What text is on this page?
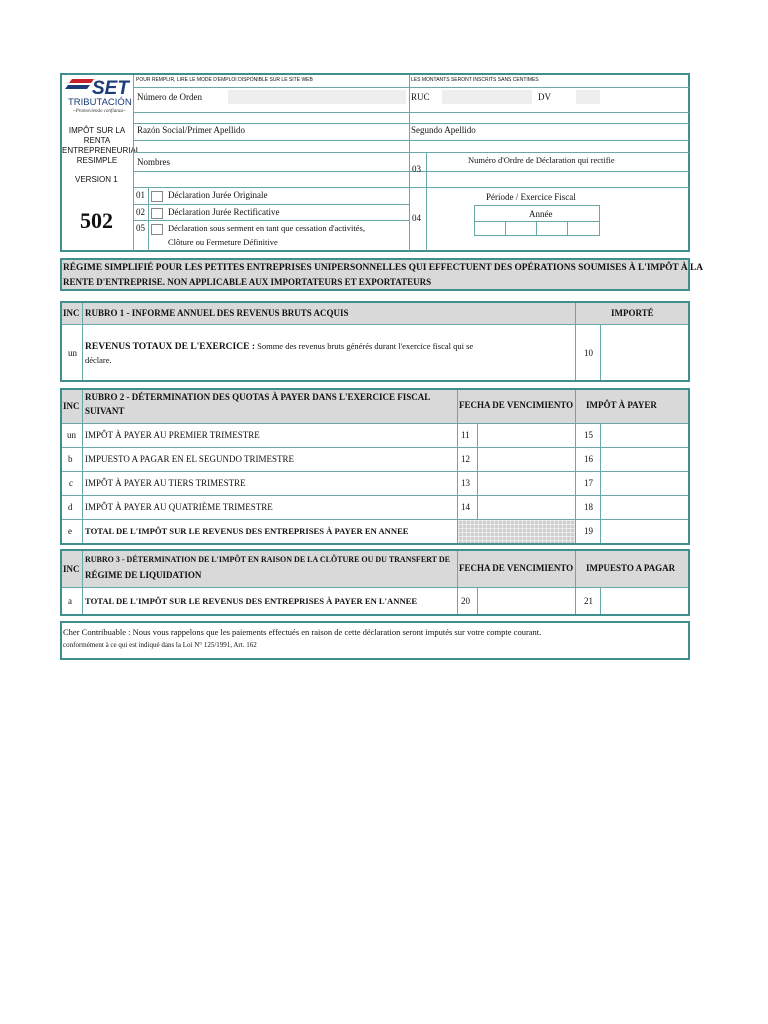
SET
TRIBUTACIÓN
~Promoviendo confianza~
IMPÔT SUR LA RENTA ENTREPRENEURIAL RESIMPLE
VERSION 1
502
POUR REMPLIR, LIRE LE MODE D'EMPLOI DISPONIBLE SUR LE SITE WEB	LES MONTANTS SERONT INSCRITS SANS CENTIMES
Número de Orden	RUC	DV
Razón Social/Primer Apellido	Segundo Apellido
Nombres
03
Numéro d'Ordre de Déclaration qui rectifie
01	Déclaration Jurée Originale
02	Déclaration Jurée Rectificative
05	Déclaration sous serment en tant que cessation d'activités,
Clôture ou Fermeture Définitive
04
Période / Exercice Fiscal
Année
RÉGIME SIMPLIFIÉ POUR LES PETITES ENTREPRISES UNIPERSONNELLES QUI EFFECTUENT DES OPÉRATIONS SOUMISES À L'IMPÔT À LA
RENTE D'ENTREPRISE. NON APPLICABLE AUX IMPORTATEURS ET EXPORTATEURS
INC RUBRO 1 - INFORME ANNUEL DES REVENUS BRUTS ACQUIS	IMPORTÉ
un
REVENUS TOTAUX DE L'EXERCICE : Somme des revenus bruts générés durant l'exercice fiscal qui se
déclare.
10
INC
RUBRO 2 - DÉTERMINATION DES QUOTAS À PAYER DANS L'EXERCICE FISCAL
SUIVANT
FECHA DE VENCIMIENTO IMPÔT À PAYER
un IMPÔT À PAYER AU PREMIER TRIMESTRE	11	15
b IMPUESTO A PAGAR EN EL SEGUNDO TRIMESTRE	12	16
c IMPÔT À PAYER AU TIERS TRIMESTRE	13	17
d IMPÔT À PAYER AU QUATRIÈME TRIMESTRE	14	18
e TOTAL DE L'IMPÔT SUR LE REVENUS DES ENTREPRISES À PAYER EN ANNEE	19
INC
RUBRO 3 - DÉTERMINATION DE L'IMPÔT EN RAISON DE LA CLÔTURE OU DU TRANSFERT DE
RÉGIME DE LIQUIDATION
FECHA DE VENCIMIENTO IMPUESTO A PAGAR
a TOTAL DE L'IMPÔT SUR LE REVENUS DES ENTREPRISES À PAYER EN L'ANNEE	20	21
Cher Contribuable : Nous vous rappelons que les paiements effectués en raison de cette déclaration seront imputés sur votre compte courant.
conformément à ce qui est indiqué dans la Loi N° 125/1991, Art. 162
